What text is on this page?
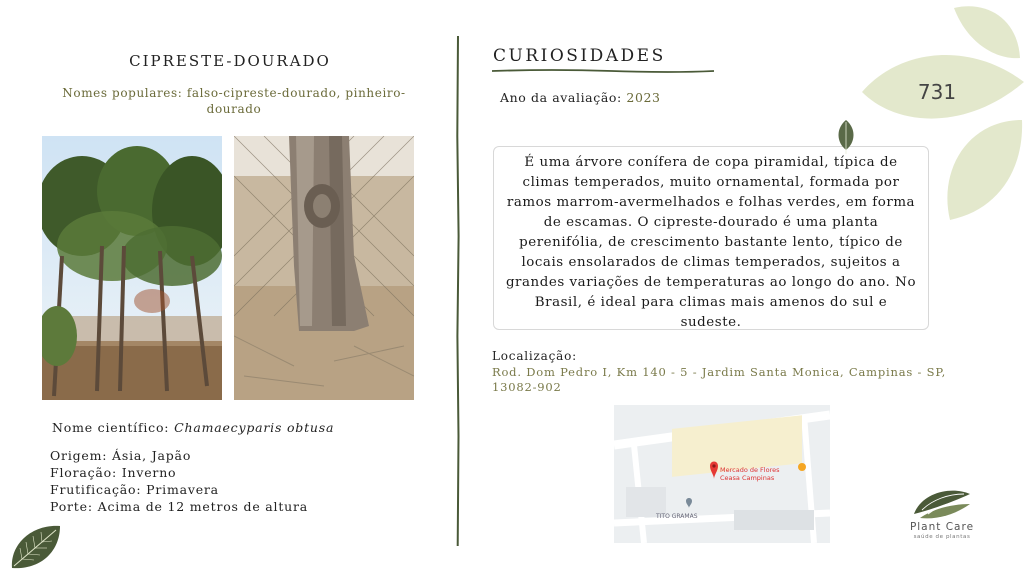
CIPRESTE-DOURADO
Nomes populares: falso-cipreste-dourado, pinheiro-dourado
Nome científico: Chamaecyparis obtusa
Origem: Ásia, Japão
Floração: Inverno
Frutificação: Primavera
Porte: Acima de 12 metros de altura
CURIOSIDADES
Ano da avaliação: 2023
É uma árvore conífera de copa piramidal, típica de climas temperados, muito ornamental, formada por ramos marrom-avermelhados e folhas verdes, em forma de escamas. O cipreste-dourado é uma planta perenifólia, de crescimento bastante lento, típico de locais ensolarados de climas temperados, sujeitos a grandes variações de temperaturas ao longo do ano. No Brasil, é ideal para climas mais amenos do sul e sudeste.
Localização:
Rod. Dom Pedro I, Km 140 - 5 - Jardim Santa Monica, Campinas - SP, 13082-902
Mercado de Flores
Ceasa Campinas
TITO GRAMAS
731
Plant Care
saúde de plantas
